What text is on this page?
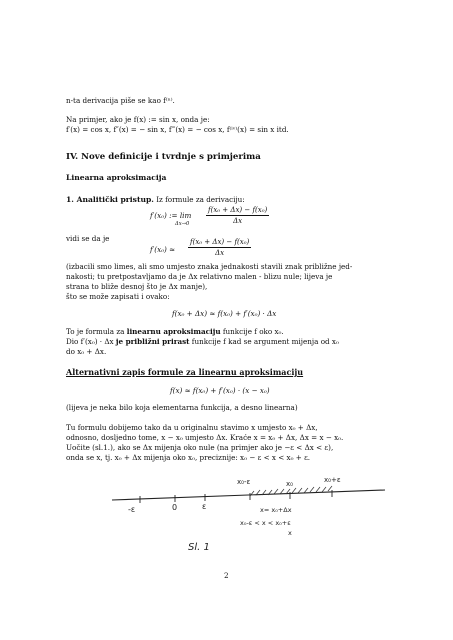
n-ta derivacija piše se kao f⁽ⁿ⁾.
Na primjer, ako je f(x) := sin x, onda je:
f′(x) = cos x, f″(x) = − sin x, f‴(x) = − cos x, f⁽ⁱᵛ⁾(x) = sin x itd.
IV. Nove definicije i tvrdnje s primjerima
Linearna aproksimacija
1. Analitički pristup. Iz formule za derivaciju:
f′(x₀) := lim
$\Delta x\to 0 \frac{\text{f(x₀ + Δx) − f(x₀)}}{\Delta x}$
vidi se da je
$f'(x_0) \approx \frac{\text{f(x₀ + Δx) − f(x₀)}}{\Delta x}$
(izbacili smo limes, ali smo umjesto znaka jednakosti stavili znak približne jed-
nakosti; tu pretpostavljamo da je Δx relativno malen - blizu nule; lijeva je
strana to bliže desnoj što je Δx manje),
što se može zapisati i ovako:
f(x₀ + Δx) ≈ f(x₀) + f′(x₀) · Δx
To je formula za linearnu aproksimaciju funkcije f oko x₀.
Dio f′(x₀) · Δx je približni prirast funkcije f kad se argument mijenja od x₀
do x₀ + Δx.
Alternativni zapis formule za linearnu aproksimaciju
f(x) ≈ f(x₀) + f′(x₀) · (x − x₀)
(lijeva je neka bilo koja elementarna funkcija, a desno linearna)
Tu formulu dobijemo tako da u originalnu stavimo x umjesto x₀ + Δx,
odnosno, dosljedno tome, x − x₀ umjesto Δx. Kraće x = x₀ + Δx, Δx = x − x₀.
Uočite (sl.1.), ako se Δx mijenja oko nule (na primjer ako je −ε < Δx < ε),
onda se x, tj. x₀ + Δx mijenja oko x₀, preciznije: x₀ − ε < x < x₀ + ε.
-ε	0	ε
x₀-ε	x₀	x₀+ε
x= x₀+Δx
x₀-ε < x < x₀+ε
x
Sl. 1
2
